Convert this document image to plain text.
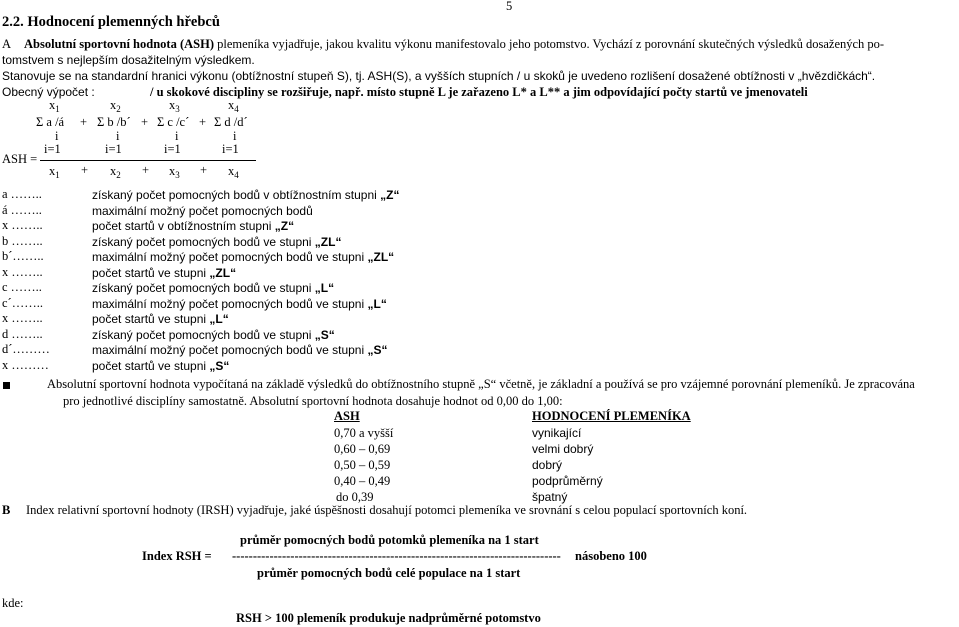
5
2.2. Hodnocení plemenných hřebců
A Absolutní sportovní hodnota (ASH) plemeníka vyjadřuje, jakou kvalitu výkonu manifestovalo jeho potomstvo. Vychází z porovnání skutečných výsledků dosažených po-
tomstvem s nejlepším dosažitelným výsledkem.
Stanovuje se na standardní hranici výkonu (obtížnostní stupeň S), tj. ASH(S), a vyšších stupních / u skoků je uvedeno rozlišení dosažené obtížnosti v „hvězdičkách“.
Obecný výpočet :	/ u skokové discipliny se rozšiřuje, např. místo stupně L je zařazeno L* a L** a jim odpovídající počty startů ve jmenovateli
$x_1$	$x_2$	$x_3$	$x_4$
Σ a /á + Σ b /b´ + Σ c /c´ + Σ d /d´
i	i	i	i
i=1	i=1	i=1	i=1
ASH =
$x_1 + x_2 + x_3 + x_4$
a ……..	získaný počet pomocných bodů v obtížnostním stupni „Z“
á ……..	maximální možný počet pomocných bodů
x ……..	počet startů v obtížnostním stupni „Z“
b ……..	získaný počet pomocných bodů ve stupni „ZL“
b´……..	maximální možný počet pomocných bodů ve stupni „ZL“
x ……..	počet startů ve stupni „ZL“
c ……..	získaný počet pomocných bodů ve stupni „L“
c´……..	maximální možný počet pomocných bodů ve stupni „L“
x ……..	počet startů ve stupni „L“
d ……..	získaný počet pomocných bodů ve stupni „S“
d´………	maximální možný počet pomocných bodů ve stupni „S“
x ………	počet startů ve stupni „S“
Absolutní sportovní hodnota vypočítaná na základě výsledků do obtížnostního stupně „S“ včetně, je základní a používá se pro vzájemné porovnání plemeníků. Je zpracována
pro jednotlivé disciplíny samostatně. Absolutní sportovní hodnota dosahuje hodnot od 0,00 do 1,00:
ASH	HODNOCENÍ PLEMENÍKA
0,70 a vyšší	vynikající
0,60 – 0,69	velmi dobrý
0,50 – 0,59	dobrý
0,40 – 0,49	podprůměrný
do 0,39	špatný
B Index relativní sportovní hodnoty (IRSH) vyjadřuje, jaké úspěšnosti dosahují potomci plemeníka ve srovnání s celou populací sportovních koní.
průměr pomocných bodů potomků plemeníka na 1 start
Index RSH = ------------------------------------------------------------------------------- násobeno 100
průměr pomocných bodů celé populace na 1 start
kde:
RSH > 100 plemeník produkuje nadprůměrné potomstvo
